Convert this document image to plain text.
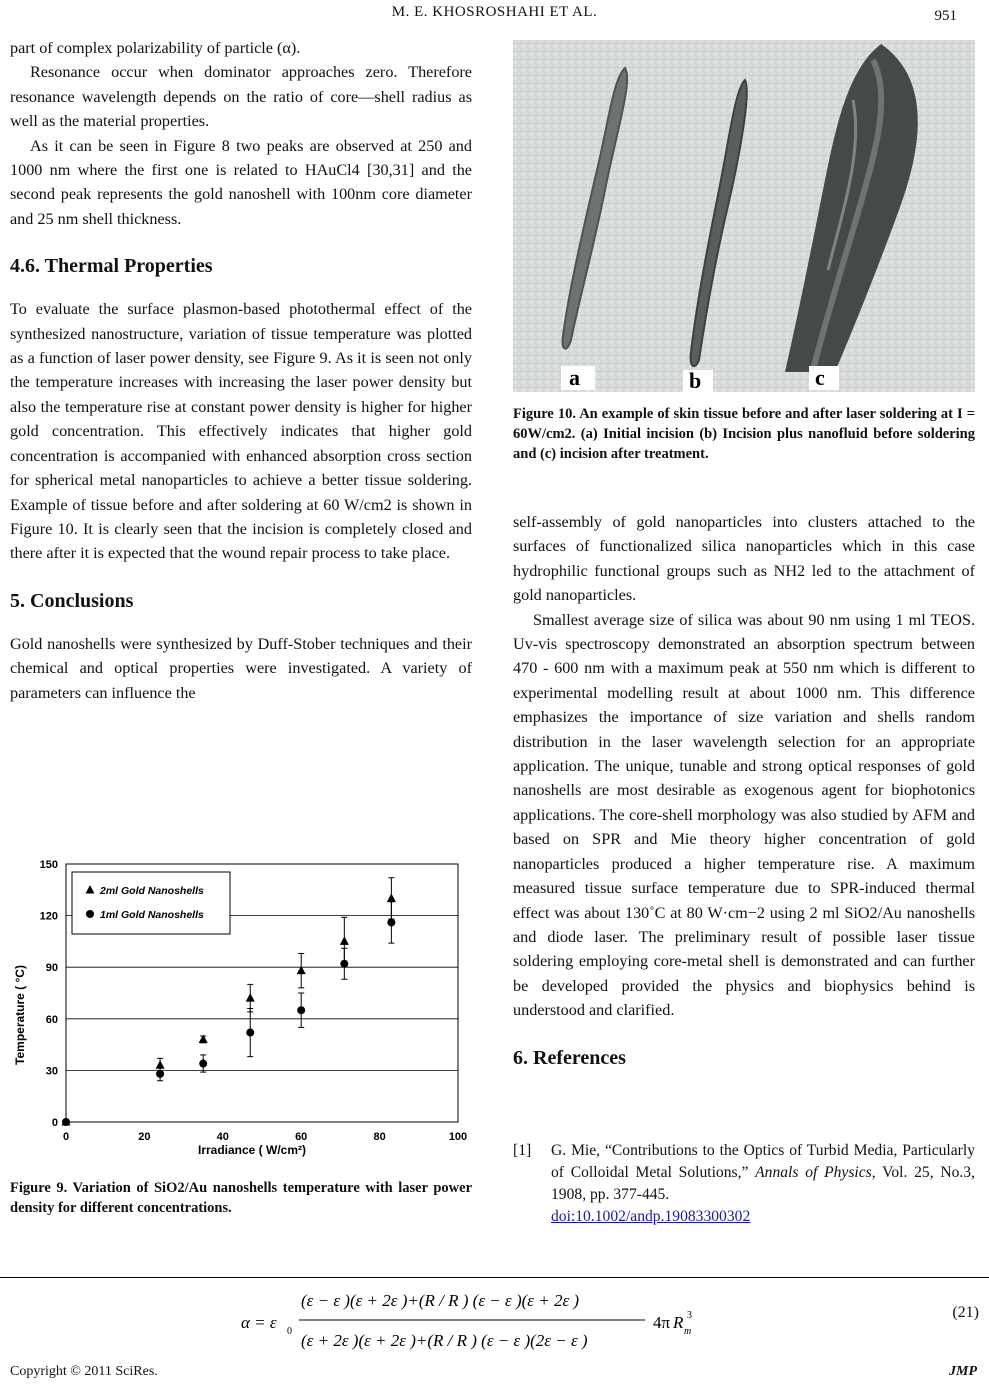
M. E. KHOSROSHAHI ET AL.	951

part of complex polarizability of particle (α).

Resonance occur when dominator approaches zero. Therefore resonance wavelength depends on the ratio of core—shell radius as well as the material properties.

As it can be seen in Figure 8 two peaks are observed at 250 and 1000 nm where the first one is related to HAuCl4 [30,31] and the second peak represents the gold nanoshell with 100nm core diameter and 25 nm shell thickness.

4.6. Thermal Properties

To evaluate the surface plasmon-based photothermal effect of the synthesized nanostructure, variation of tissue temperature was plotted as a function of laser power density, see Figure 9. As it is seen not only the temperature increases with increasing the laser power density but also the temperature rise at constant power density is higher for higher gold concentration. This effectively indicates that higher gold concentration is accompanied with enhanced absorption cross section for spherical metal nanoparticles to achieve a better tissue soldering. Example of tissue before and after soldering at 60 W/cm2 is shown in Figure 10. It is clearly seen that the incision is completely closed and there after it is expected that the wound repair process to take place.

5. Conclusions

Gold nanoshells were synthesized by Duff-Stober techniques and their chemical and optical properties were investigated. A variety of parameters can influence the

a	b	c
Figure 10. An example of skin tissue before and after laser soldering at I = 60W/cm2. (a) Initial incision (b) Incision plus nanofluid before soldering and (c) incision after treatment.

self-assembly of gold nanoparticles into clusters attached to the surfaces of functionalized silica nanoparticles which in this case hydrophilic functional groups such as NH2 led to the attachment of gold nanoparticles.

Smallest average size of silica was about 90 nm using 1 ml TEOS. Uv-vis spectroscopy demonstrated an absorption spectrum between 470 - 600 nm with a maximum peak at 550 nm which is different to experimental modelling result at about 1000 nm. This difference emphasizes the importance of size variation and shells random distribution in the laser wavelength selection for an appropriate application. The unique, tunable and strong optical responses of gold nanoshells are most desirable as exogenous agent for biophotonics applications. The core-shell morphology was also studied by AFM and based on SPR and Mie theory higher concentration of gold nanoparticles produced a higher temperature rise. A maximum measured tissue surface temperature due to SPR-induced thermal effect was about 130˚C at 80 W·cm−2 using 2 ml SiO2/Au nanoshells and diode laser. The preliminary result of possible laser tissue soldering employing core-metal shell is demonstrated and can further be developed provided the physics and biophysics behind is understood and clarified.

6. References
[1] G. Mie, “Contributions to the Optics of Turbid Media, Particularly of Colloidal Metal Solutions,” Annals of Physics, Vol. 25, No.3, 1908, pp. 377-445.
doi:10.1002/andp.19083300302
0
30
60
90
120
150
0	20	40	60	80	100
2ml Gold Nanoshells
1ml Gold Nanoshells
Irradiance ( W/cm²)
Temperature ( °C)
Figure 9. Variation of SiO2/Au nanoshells temperature with laser power density for different concentrations.
α = ε 0
(ε − ε )(ε + 2ε )+(R / R ) (ε − ε )(ε + 2ε )
(ε + 2ε )(ε + 2ε )+(R / R ) (ε − ε )(2ε − ε )
4π R m
3	(21)
Copyright © 2011 SciRes.	JMP
